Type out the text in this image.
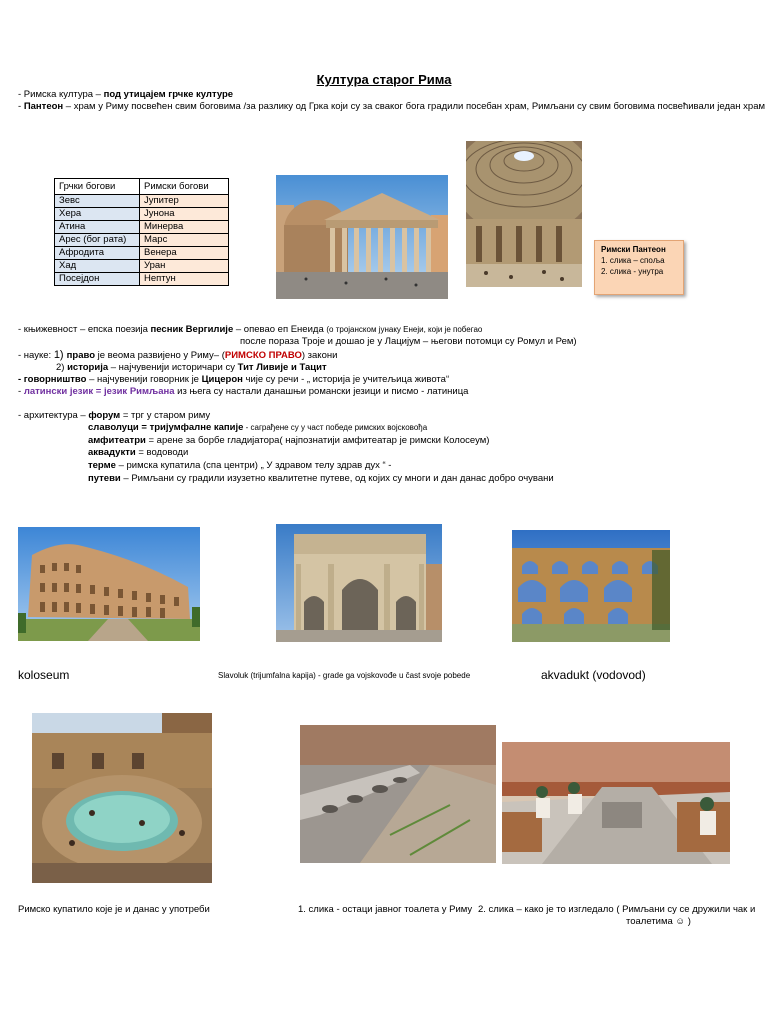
Култура старог Рима
- Римска култура – под утицајем грчке културе
- Пантеон – храм у Риму посвећен свим боговима /за разлику од Грка који су за сваког бога градили посебан храм, Римљани су свим боговима посвећивали један храм
Грчки богови	Римски богови
Зевс	Јупитер
Хера	Јунона
Атина	Минерва
Арес (бог рата)	Марс
Афродита	Венера
Хад	Уран
Посејдон	Нептун
Римски Пантеон
1. слика – споља
2. слика - унутра
- књижевност – епска поезија песник Вергилије – опевао еп Енеида (о тројанском јунаку Енеји, који је побегао
после пораза Троје и дошао је у Лацијум – његови потомци су Ромул и Рем)
- науке: 1) право је веома развијено у Риму– (РИМСКО ПРАВО) закони
2) историја – најчувенији историчари су Тит Ливије и Тацит
- говорништво – најчувенији говорник је Цицерон чије су речи - „ историја је учитељица живота“
- латински језик = језик Римљана из њега су настали данашњи романски језици и писмо - латиница
- архитектура – форум = трг у старом риму
славолуци = тријумфалне капије - саграђене су у част победе римских војсковођа
амфитеатри = арене за борбе гладијатора( најпознатији амфитеатар је римски Колосеум)
аквадукти = водоводи
терме – римска купатила (спа центри) „ У здравом телу здрав дух “ -
путеви – Римљани су градили изузетно квалитетне путеве, од којих су многи и дан данас добро очувани
koloseum	Slavoluk (trijumfalna kapija) - grade ga vojskovođe u čast svoje pobede	akvadukt (vodovod)
Римско купатило које је и данас у употреби	1. слика - остаци јавног тоалета у Риму 2. слика – како је то изгледало ( Римљани су се дружили чак и
тоалетима ☺ )
